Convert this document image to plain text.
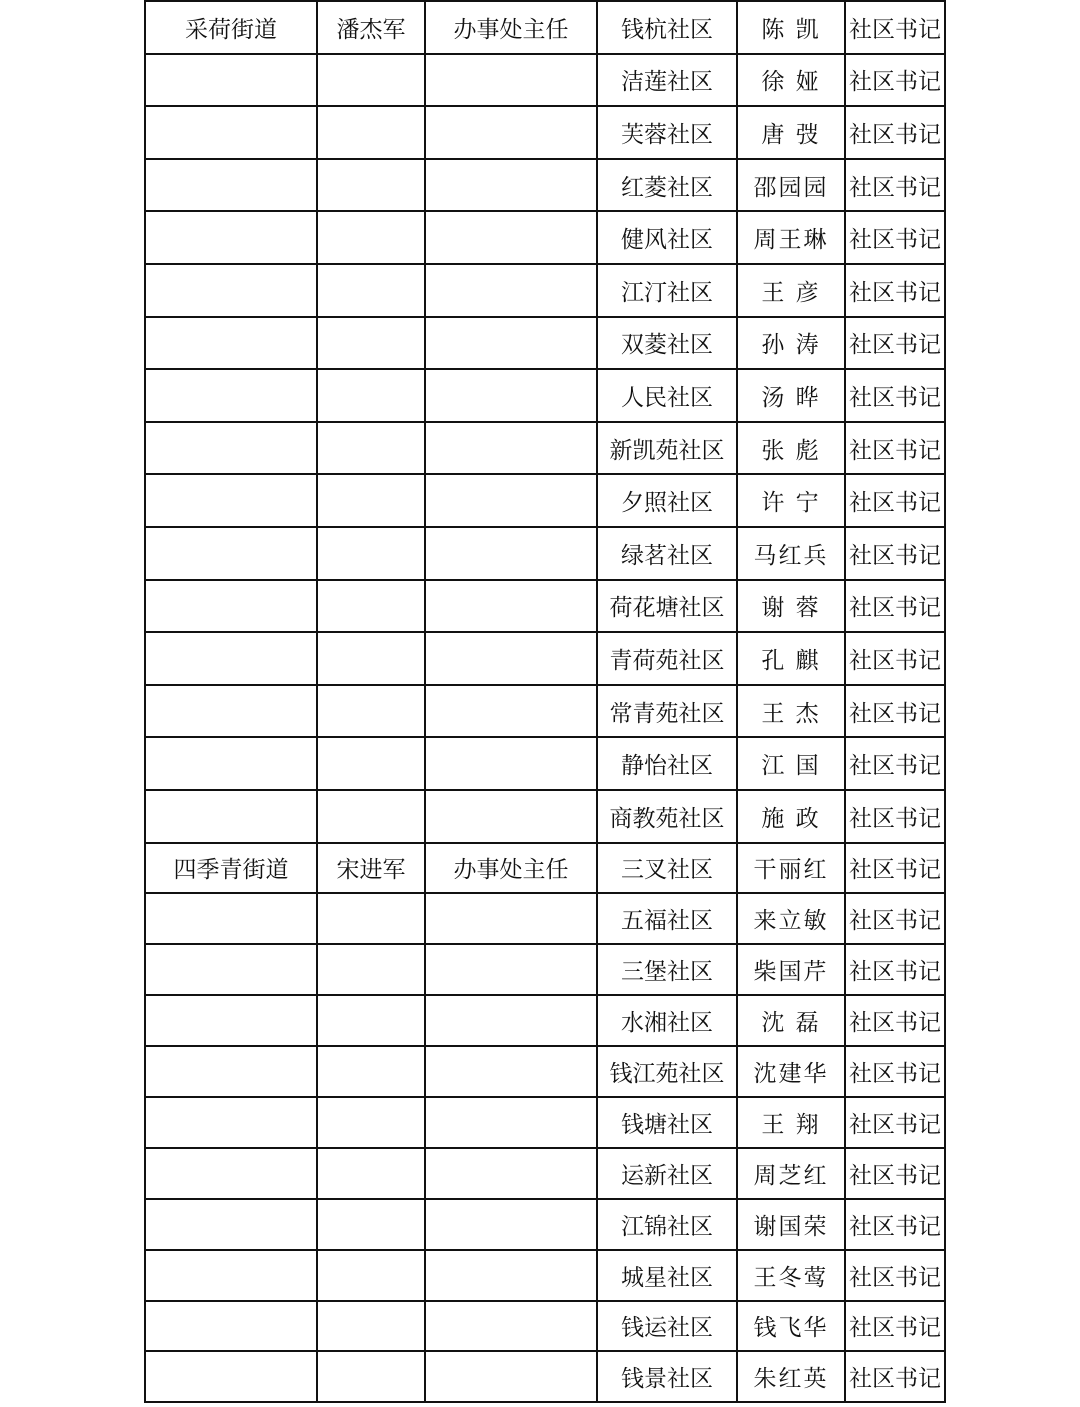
采荷街道	潘杰军	办事处主任	钱杭社区	陈 凯	社区书记
			洁莲社区	徐 娅	社区书记
			芙蓉社区	唐 弢	社区书记
			红菱社区	邵园园	社区书记
			健风社区	周王琳	社区书记
			江汀社区	王 彦	社区书记
			双菱社区	孙 涛	社区书记
			人民社区	汤 晔	社区书记
			新凯苑社区	张 彪	社区书记
			夕照社区	许 宁	社区书记
			绿茗社区	马红兵	社区书记
			荷花塘社区	谢 蓉	社区书记
			青荷苑社区	孔 麒	社区书记
			常青苑社区	王 杰	社区书记
			静怡社区	江 国	社区书记
			商教苑社区	施 政	社区书记
四季青街道	宋进军	办事处主任	三叉社区	干丽红	社区书记
			五福社区	来立敏	社区书记
			三堡社区	柴国芹	社区书记
			水湘社区	沈 磊	社区书记
			钱江苑社区	沈建华	社区书记
			钱塘社区	王 翔	社区书记
			运新社区	周芝红	社区书记
			江锦社区	谢国荣	社区书记
			城星社区	王冬莺	社区书记
			钱运社区	钱飞华	社区书记
			钱景社区	朱红英	社区书记
